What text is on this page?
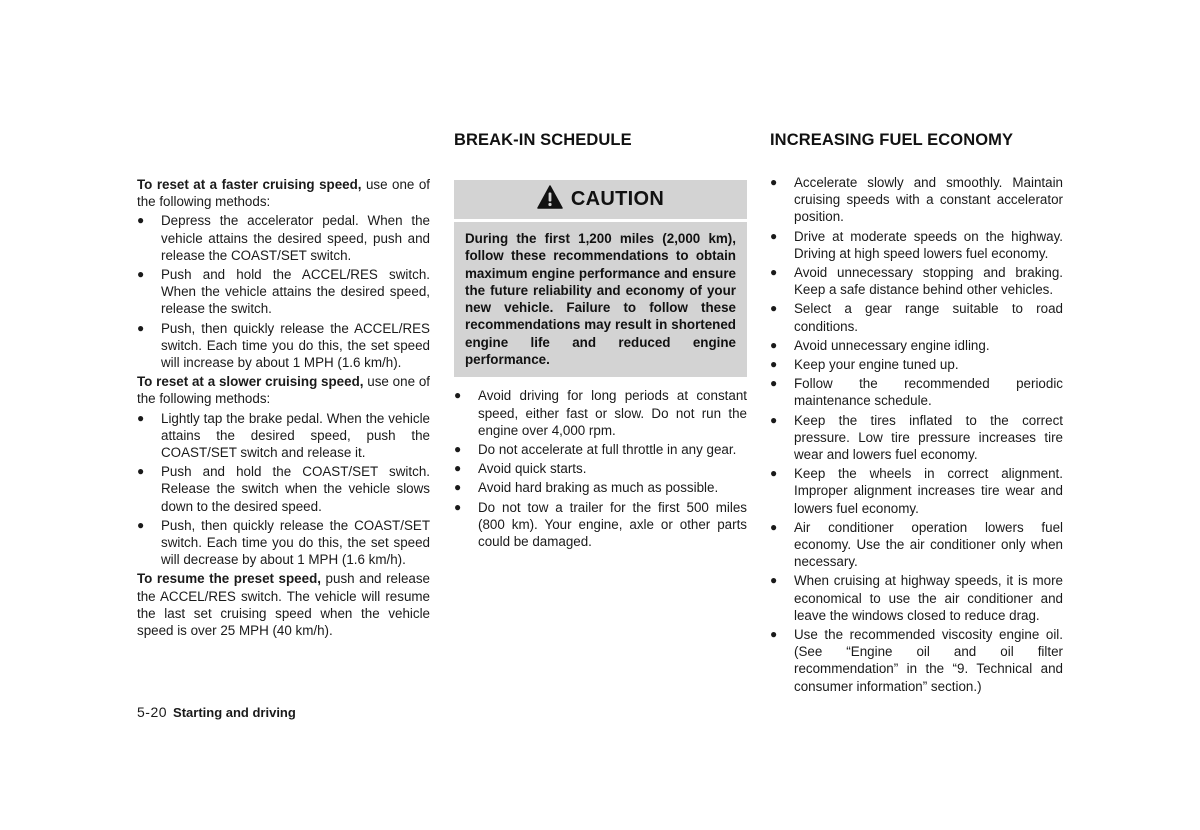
To reset at a faster cruising speed, use one of the following methods:

● Depress the accelerator pedal. When the vehicle attains the desired speed, push and release the COAST/SET switch.
● Push and hold the ACCEL/RES switch. When the vehicle attains the desired speed, release the switch.
● Push, then quickly release the ACCEL/RES switch. Each time you do this, the set speed will increase by about 1 MPH (1.6 km/h).

To reset at a slower cruising speed, use one of the following methods:

● Lightly tap the brake pedal. When the vehicle attains the desired speed, push the COAST/SET switch and release it.
● Push and hold the COAST/SET switch. Release the switch when the vehicle slows down to the desired speed.
● Push, then quickly release the COAST/SET switch. Each time you do this, the set speed will decrease by about 1 MPH (1.6 km/h).

To resume the preset speed, push and release the ACCEL/RES switch. The vehicle will resume the last set cruising speed when the vehicle speed is over 25 MPH (40 km/h).

BREAK-IN SCHEDULE
CAUTION
During the first 1,200 miles (2,000 km), follow these recommendations to obtain maximum engine performance and ensure the future reliability and economy of your new vehicle. Failure to follow these recommendations may result in shortened engine life and reduced engine performance.
● Avoid driving for long periods at constant speed, either fast or slow. Do not run the engine over 4,000 rpm.
● Do not accelerate at full throttle in any gear.
● Avoid quick starts.
● Avoid hard braking as much as possible.
● Do not tow a trailer for the first 500 miles (800 km). Your engine, axle or other parts could be damaged.
INCREASING FUEL ECONOMY
● Accelerate slowly and smoothly. Maintain cruising speeds with a constant accelerator position.
● Drive at moderate speeds on the highway. Driving at high speed lowers fuel economy.
● Avoid unnecessary stopping and braking. Keep a safe distance behind other vehicles.
● Select a gear range suitable to road conditions.
● Avoid unnecessary engine idling.
● Keep your engine tuned up.
● Follow the recommended periodic maintenance schedule.
● Keep the tires inflated to the correct pressure. Low tire pressure increases tire wear and lowers fuel economy.
● Keep the wheels in correct alignment. Improper alignment increases tire wear and lowers fuel economy.
● Air conditioner operation lowers fuel economy. Use the air conditioner only when necessary.
● When cruising at highway speeds, it is more economical to use the air conditioner and leave the windows closed to reduce drag.
● Use the recommended viscosity engine oil. (See “Engine oil and oil filter recommendation” in the “9. Technical and consumer information” section.)
5-20 Starting and driving
